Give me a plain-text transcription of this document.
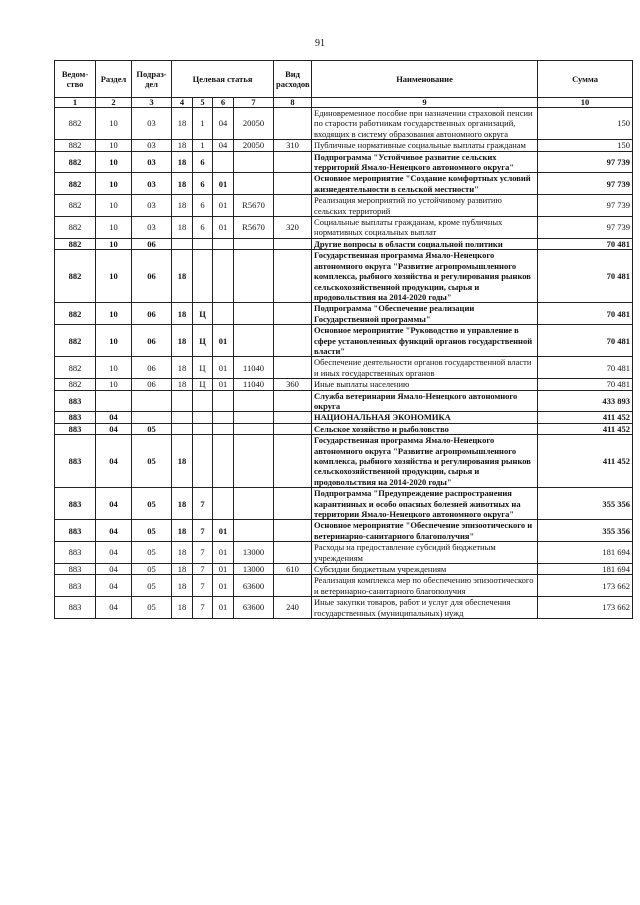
91
Ведом-ство	Раздел	Подраз-дел	Целевая статья				Вид расходов	Наименование	Сумма
1	2	3	4	5	6	7	8	9	10
882	10	03	18	1	04	20050		Единовременное пособие при назначении страховой пенсии по старости работникам государственных организаций, входящих в систему образования автономного округа	150
882	10	03	18	1	04	20050	310	Публичные нормативные социальные выплаты гражданам	150
882	10	03	18	6				Подпрограмма "Устойчивое развитие сельских территорий Ямало-Ненецкого автономного округа"	97 739
882	10	03	18	6	01			Основное мероприятие "Создание комфортных условий жизнедеятельности в сельской местности"	97 739
882	10	03	18	6	01	R5670		Реализация мероприятий по устойчивому развитию сельских территорий	97 739
882	10	03	18	6	01	R5670	320	Социальные выплаты гражданам, кроме публичных нормативных социальных выплат	97 739
882	10	06						Другие вопросы в области социальной политики	70 481
882	10	06	18					Государственная программа Ямало-Ненецкого автономного округа "Развитие агропромышленного комплекса, рыбного хозяйства и регулирования рынков сельскохозяйственной продукции, сырья и продовольствия на 2014-2020 годы"	70 481
882	10	06	18	Ц				Подпрограмма "Обеспечение реализации Государственной программы"	70 481
882	10	06	18	Ц	01			Основное мероприятие "Руководство и управление в сфере установленных функций органов государственной власти"	70 481
882	10	06	18	Ц	01	11040		Обеспечение деятельности органов государственной власти и иных государственных органов	70 481
882	10	06	18	Ц	01	11040	360	Иные выплаты населению	70 481
883								Служба ветеринарии Ямало-Ненецкого автономного округа	433 893
883	04							НАЦИОНАЛЬНАЯ ЭКОНОМИКА	411 452
883	04	05						Сельское хозяйство и рыболовство	411 452
883	04	05	18					Государственная программа Ямало-Ненецкого автономного округа "Развитие агропромышленного комплекса, рыбного хозяйства и регулирования рынков сельскохозяйственной продукции, сырья и продовольствия на 2014-2020 годы"	411 452
883	04	05	18	7				Подпрограмма "Предупреждение распространения карантинных и особо опасных болезней животных на территории Ямало-Ненецкого автономного округа"	355 356
883	04	05	18	7	01			Основное мероприятие "Обеспечение эпизоотического и ветеринарно-санитарного благополучия"	355 356
883	04	05	18	7	01	13000		Расходы на предоставление субсидий бюджетным учреждениям	181 694
883	04	05	18	7	01	13000	610	Субсидии бюджетным учреждениям	181 694
883	04	05	18	7	01	63600		Реализация комплекса мер по обеспечению эпизоотического и ветеринарно-санитарного благополучия	173 662
883	04	05	18	7	01	63600	240	Иные закупки товаров, работ и услуг для обеспечения государственных (муниципальных) нужд	173 662
